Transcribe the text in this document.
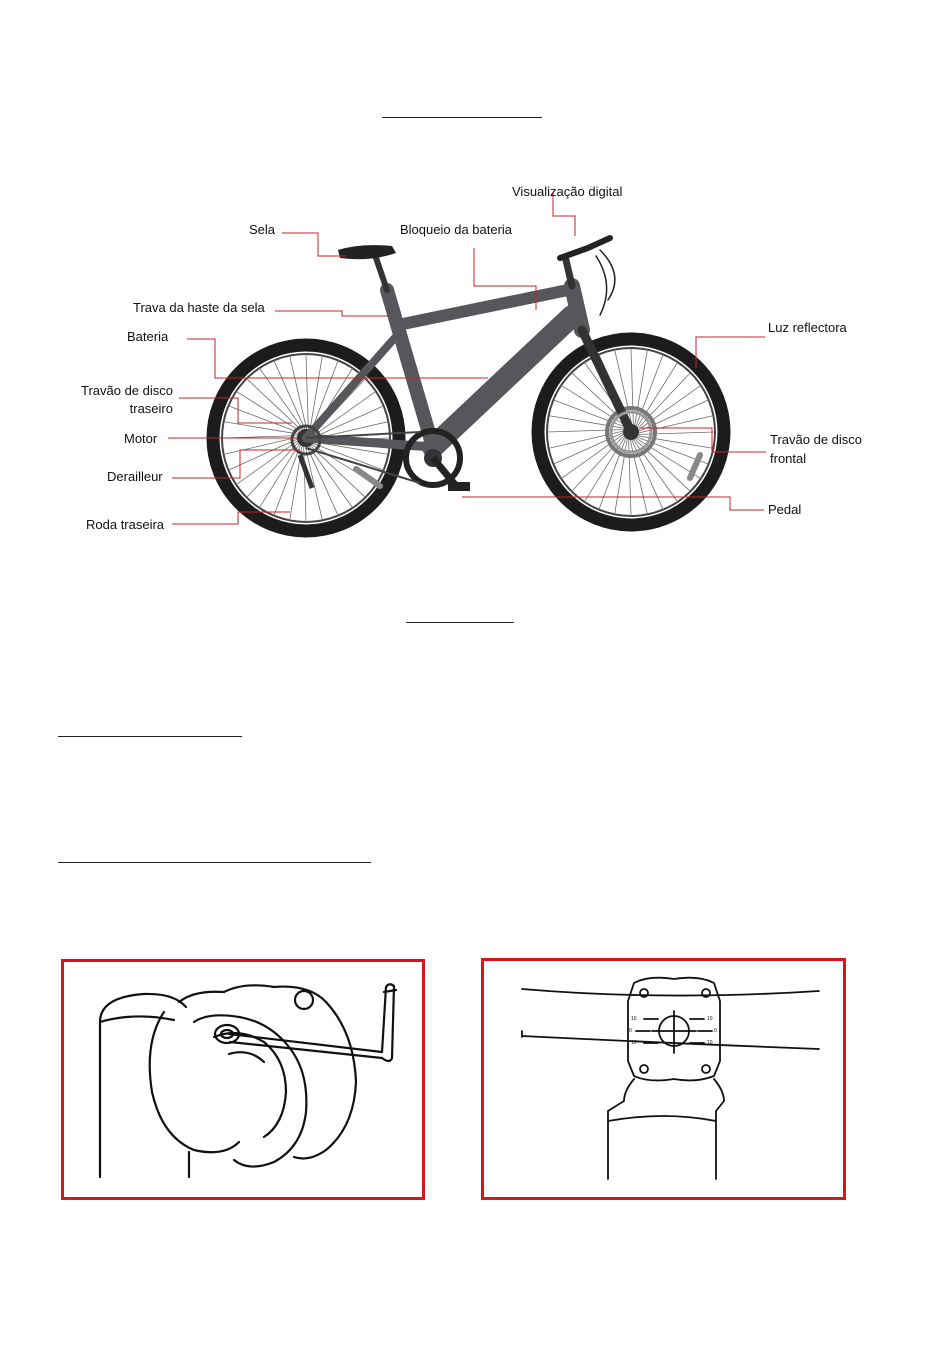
Sela	Bloqueio da bateria
Visualização digital
Trava da haste da sela
Bateria
Travão de disco
traseiro
Motor
Derailleur
Roda traseira
Luz reflectora
Travão de disco
frontal
Pedal
10	10
0	0
10	10
